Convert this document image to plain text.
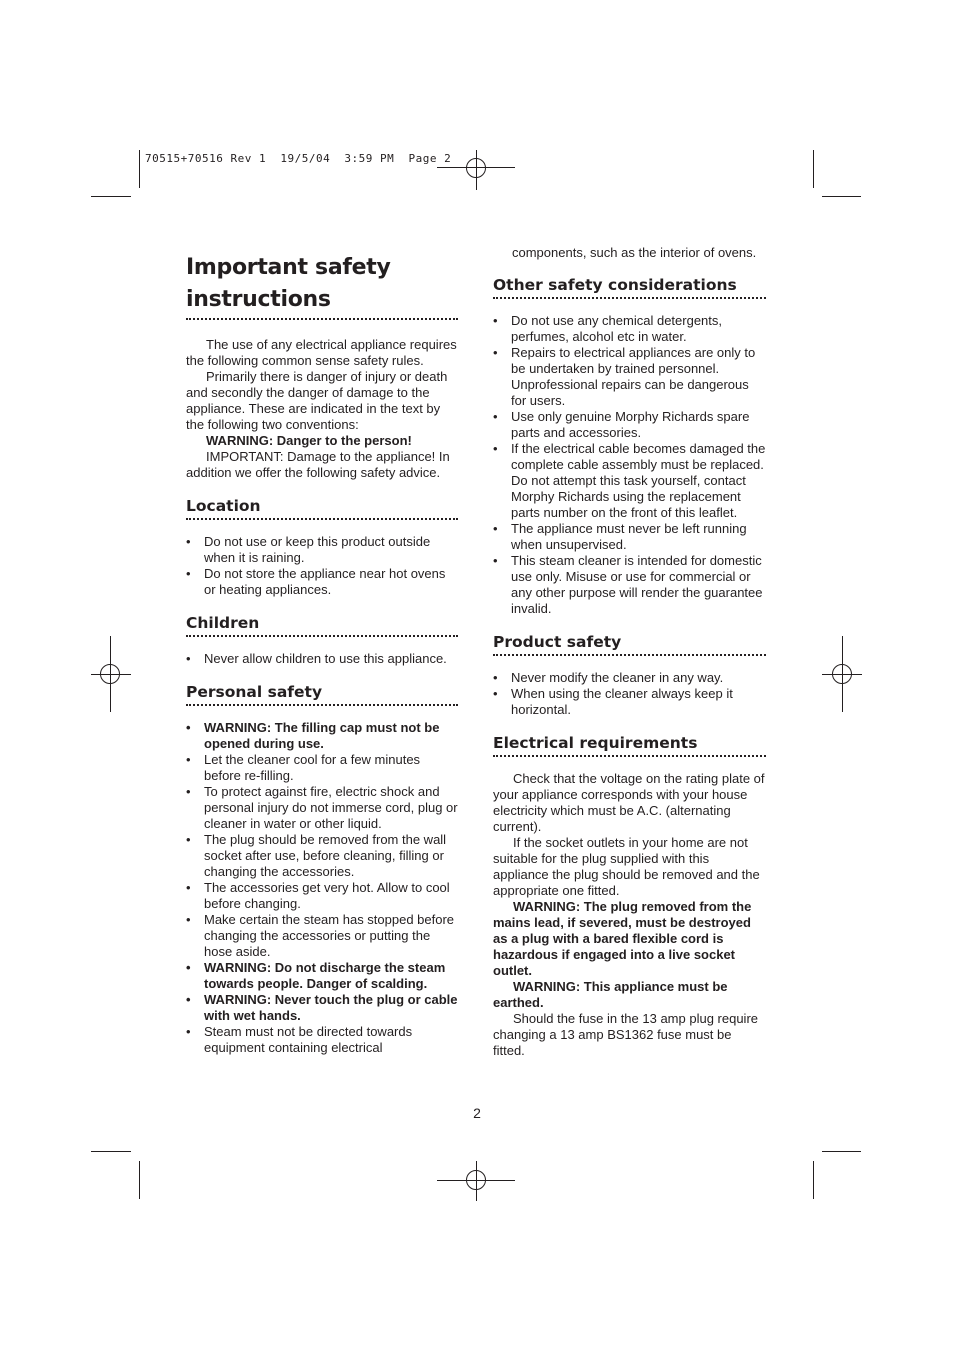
70515+70516 Rev 1  19/5/04  3:59 PM  Page 2
Important safety instructions

The use of any electrical appliance requires the following common sense safety rules.

Primarily there is danger of injury or death and secondly the danger of damage to the appliance. These are indicated in the text by the following two conventions:

WARNING: Danger to the person!

IMPORTANT: Damage to the appliance! In addition we offer the following safety advice.

Location
• Do not use or keep this product outside when it is raining.
• Do not store the appliance near hot ovens or heating appliances.
Children
• Never allow children to use this appliance.
Personal safety
• WARNING: The filling cap must not be opened during use.
• Let the cleaner cool for a few minutes before re-filling.
• To protect against fire, electric shock and personal injury do not immerse cord, plug or cleaner in water or other liquid.
• The plug should be removed from the wall socket after use, before cleaning, filling or changing the accessories.
• The accessories get very hot. Allow to cool before changing.
• Make certain the steam has stopped before changing the accessories or putting the hose aside.
• WARNING: Do not discharge the steam towards people. Danger of scalding.
• WARNING: Never touch the plug or cable with wet hands.
• Steam must not be directed towards equipment containing electrical

components, such as the interior of ovens.

Other safety considerations
• Do not use any chemical detergents, perfumes, alcohol etc in water.
• Repairs to electrical appliances are only to be undertaken by trained personnel. Unprofessional repairs can be dangerous for users.
• Use only genuine Morphy Richards spare parts and accessories.
• If the electrical cable becomes damaged the complete cable assembly must be replaced. Do not attempt this task yourself, contact Morphy Richards using the replacement parts number on the front of this leaflet.
• The appliance must never be left running when unsupervised.
• This steam cleaner is intended for domestic use only. Misuse or use for commercial or any other purpose will render the guarantee invalid.
Product safety
• Never modify the cleaner in any way.
• When using the cleaner always keep it horizontal.
Electrical requirements

Check that the voltage on the rating plate of your appliance corresponds with your house electricity which must be A.C. (alternating current).

If the socket outlets in your home are not suitable for the plug supplied with this appliance the plug should be removed and the appropriate one fitted.

WARNING: The plug removed from the mains lead, if severed, must be destroyed as a plug with a bared flexible cord is hazardous if engaged into a live socket outlet.

WARNING: This appliance must be earthed.

Should the fuse in the 13 amp plug require changing a 13 amp BS1362 fuse must be fitted.

2
